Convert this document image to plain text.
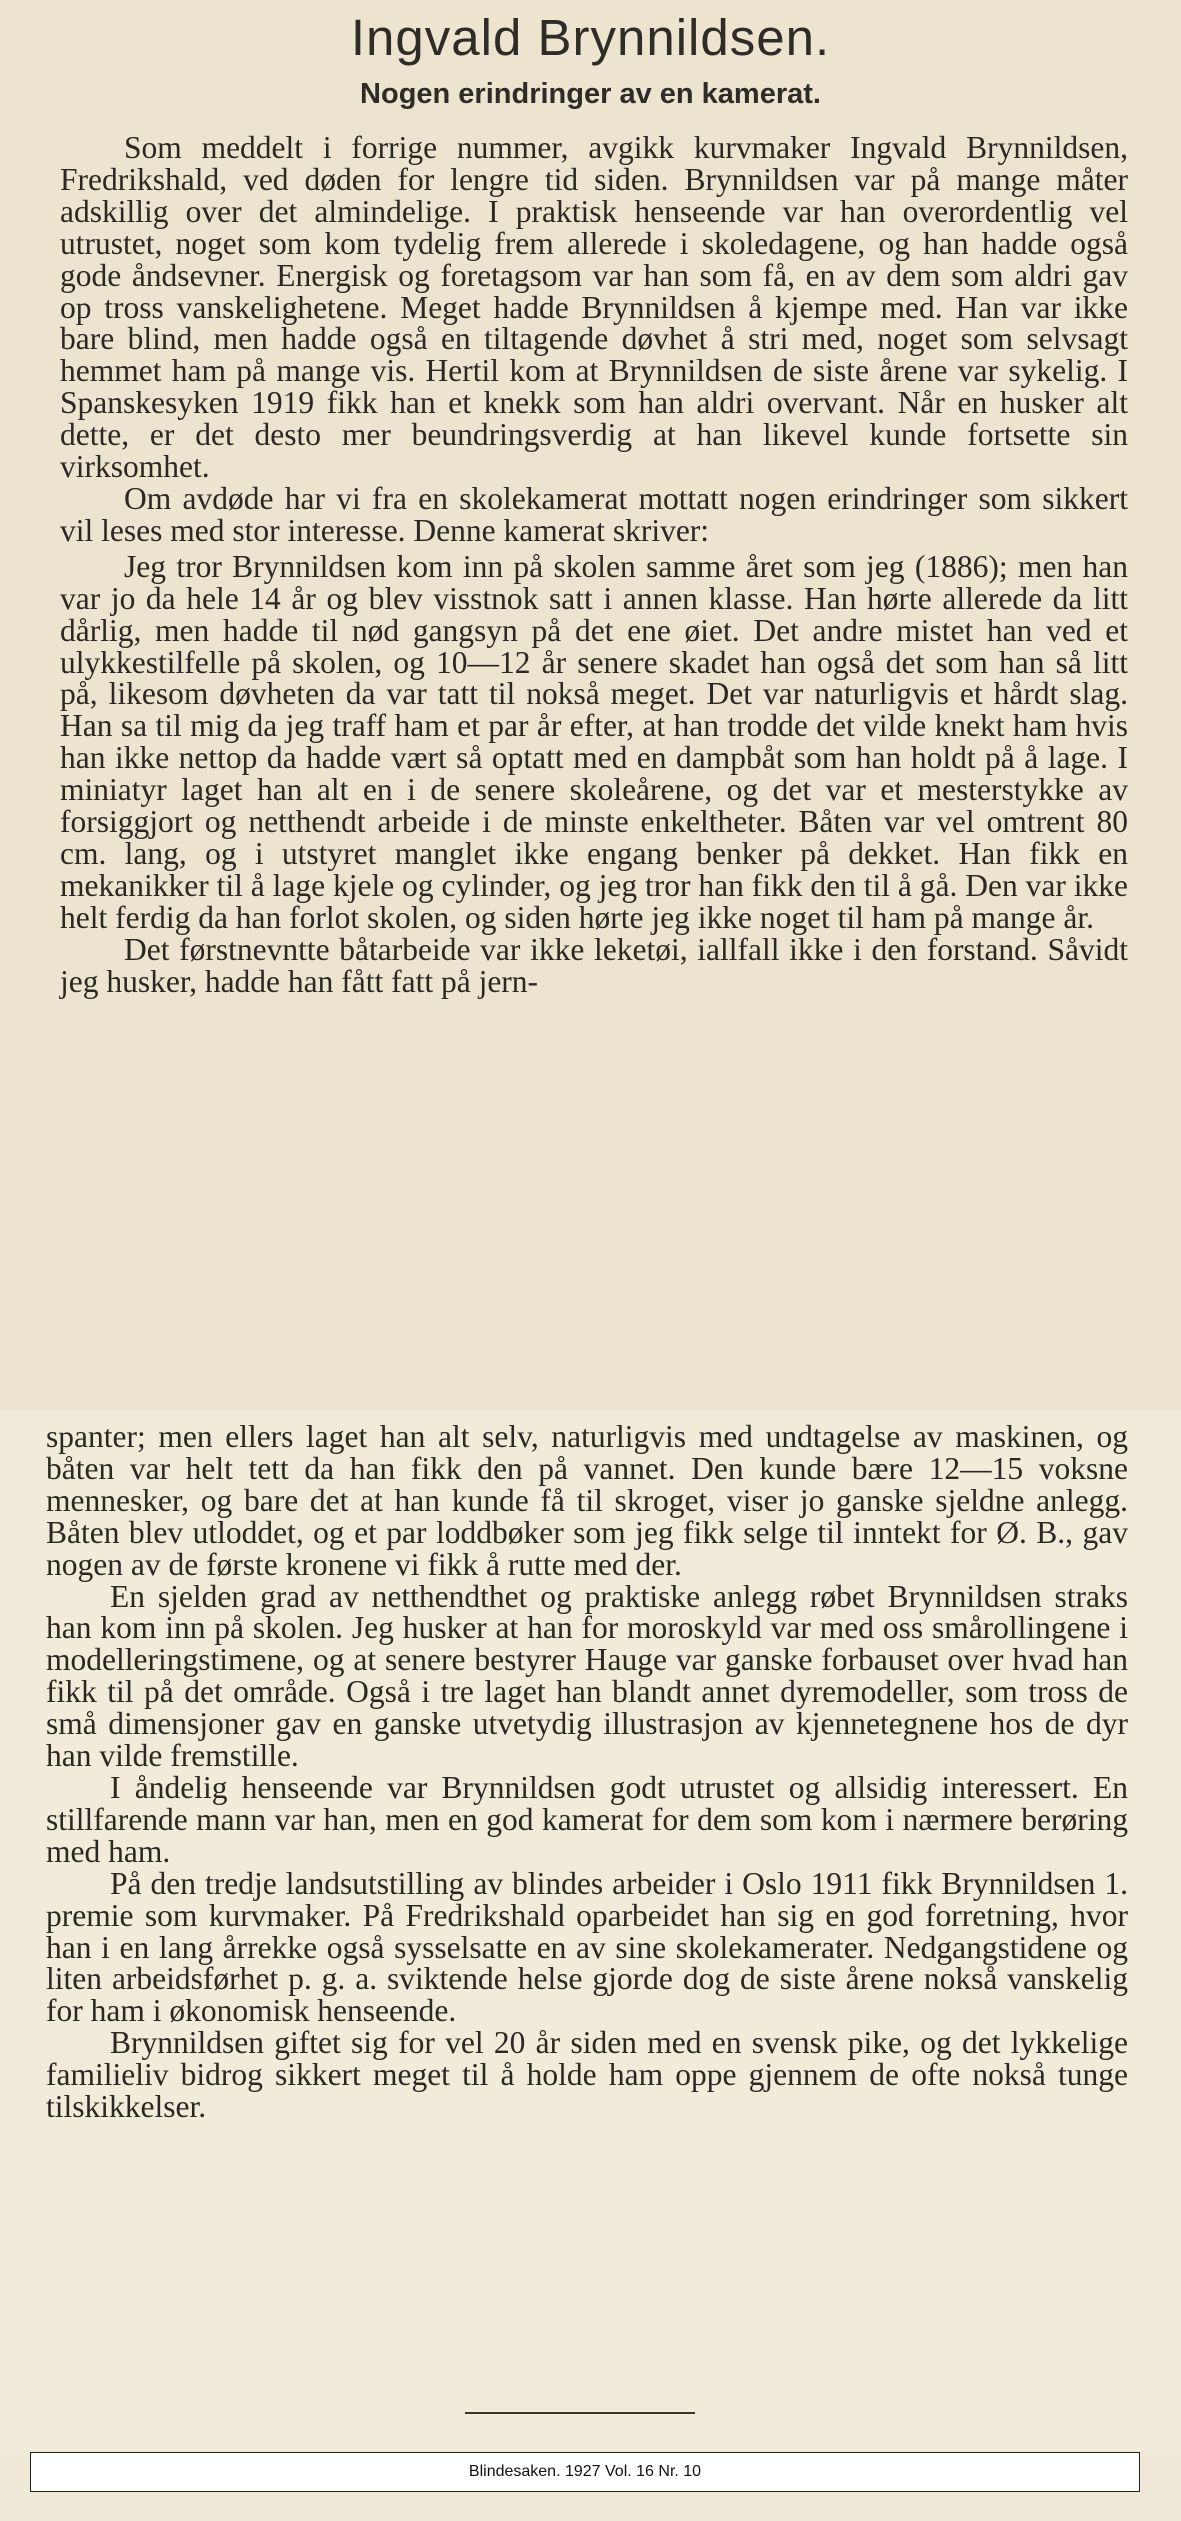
Ingvald Brynnildsen.
Nogen erindringer av en kamerat.

Som meddelt i forrige nummer, avgikk kurvmaker Ingvald Brynnildsen, Fredrikshald, ved døden for lengre tid siden. Brynnildsen var på mange måter adskillig over det almindelige. I praktisk henseende var han overordentlig vel utrustet, noget som kom tydelig frem allerede i skoledagene, og han hadde også gode åndsevner. Energisk og foretagsom var han som få, en av dem som aldri gav op tross vanskelighetene. Meget hadde Brynnildsen å kjempe med. Han var ikke bare blind, men hadde også en tiltagende døvhet å stri med, noget som selvsagt hemmet ham på mange vis. Hertil kom at Brynnildsen de siste årene var sykelig. I Spanskesyken 1919 fikk han et knekk som han aldri overvant. Når en husker alt dette, er det desto mer beundringsverdig at han likevel kunde fortsette sin virksomhet.

Om avdøde har vi fra en skolekamerat mottatt nogen erindringer som sikkert vil leses med stor interesse. Denne kamerat skriver:

Jeg tror Brynnildsen kom inn på skolen samme året som jeg (1886); men han var jo da hele 14 år og blev visstnok satt i annen klasse. Han hørte allerede da litt dårlig, men hadde til nød gangsyn på det ene øiet. Det andre mistet han ved et ulykkestilfelle på skolen, og 10—12 år senere skadet han også det som han så litt på, likesom døvheten da var tatt til nokså meget. Det var naturligvis et hårdt slag. Han sa til mig da jeg traff ham et par år efter, at han trodde det vilde knekt ham hvis han ikke nettop da hadde vært så optatt med en dampbåt som han holdt på å lage. I miniatyr laget han alt en i de senere skoleårene, og det var et mesterstykke av forsiggjort og netthendt arbeide i de minste enkeltheter. Båten var vel omtrent 80 cm. lang, og i utstyret manglet ikke engang benker på dekket. Han fikk en mekanikker til å lage kjele og cylinder, og jeg tror han fikk den til å gå. Den var ikke helt ferdig da han forlot skolen, og siden hørte jeg ikke noget til ham på mange år.

Det førstnevntte båtarbeide var ikke leketøi, iallfall ikke i den forstand. Såvidt jeg husker, hadde han fått fatt på jern-

spanter; men ellers laget han alt selv, naturligvis med undtagelse av maskinen, og båten var helt tett da han fikk den på vannet. Den kunde bære 12—15 voksne mennesker, og bare det at han kunde få til skroget, viser jo ganske sjeldne anlegg. Båten blev utloddet, og et par loddbøker som jeg fikk selge til inntekt for Ø. B., gav nogen av de første kronene vi fikk å rutte med der.

En sjelden grad av netthendthet og praktiske anlegg røbet Brynnildsen straks han kom inn på skolen. Jeg husker at han for moroskyld var med oss smårollingene i modelleringstimene, og at senere bestyrer Hauge var ganske forbauset over hvad han fikk til på det område. Også i tre laget han blandt annet dyremodeller, som tross de små dimensjoner gav en ganske utvetydig illustrasjon av kjennetegnene hos de dyr han vilde fremstille.

I åndelig henseende var Brynnildsen godt utrustet og allsidig interessert. En stillfarende mann var han, men en god kamerat for dem som kom i nærmere berøring med ham.

På den tredje landsutstilling av blindes arbeider i Oslo 1911 fikk Brynnildsen 1. premie som kurvmaker. På Fredrikshald oparbeidet han sig en god forretning, hvor han i en lang årrekke også sysselsatte en av sine skolekamerater. Nedgangstidene og liten arbeidsførhet p. g. a. sviktende helse gjorde dog de siste årene nokså vanskelig for ham i økonomisk henseende.

Brynnildsen giftet sig for vel 20 år siden med en svensk pike, og det lykkelige familieliv bidrog sikkert meget til å holde ham oppe gjennem de ofte nokså tunge tilskikkelser.

Blindesaken. 1927 Vol. 16 Nr. 10
